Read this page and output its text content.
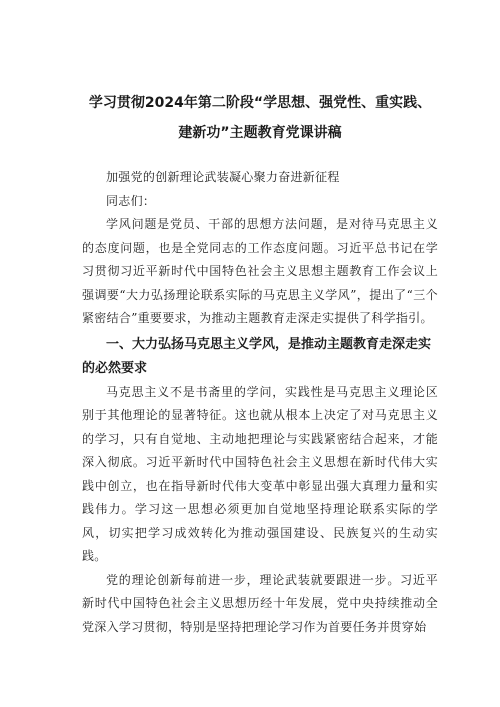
学习贯彻2024年第二阶段“学思想、强党性、重实践、
建新功”主题教育党课讲稿

加强党的创新理论武装凝心聚力奋进新征程

同志们：

学风问题是党员、干部的思想方法问题，是对待马克思主义的态度问题，也是全党同志的工作态度问题。习近平总书记在学习贯彻习近平新时代中国特色社会主义思想主题教育工作会议上强调要“大力弘扬理论联系实际的马克思主义学风”，提出了“三个紧密结合”重要要求，为推动主题教育走深走实提供了科学指引。

一、大力弘扬马克思主义学风，是推动主题教育走深走实的必然要求

马克思主义不是书斋里的学问，实践性是马克思主义理论区别于其他理论的显著特征。这也就从根本上决定了对马克思主义的学习，只有自觉地、主动地把理论与实践紧密结合起来，才能深入彻底。习近平新时代中国特色社会主义思想在新时代伟大实践中创立，也在指导新时代伟大变革中彰显出强大真理力量和实践伟力。学习这一思想必须更加自觉地坚持理论联系实际的学风，切实把学习成效转化为推动强国建设、民族复兴的生动实践。

党的理论创新每前进一步，理论武装就要跟进一步。习近平新时代中国特色社会主义思想历经十年发展，党中央持续推动全党深入学习贯彻，特别是坚持把理论学习作为首要任务并贯穿始
